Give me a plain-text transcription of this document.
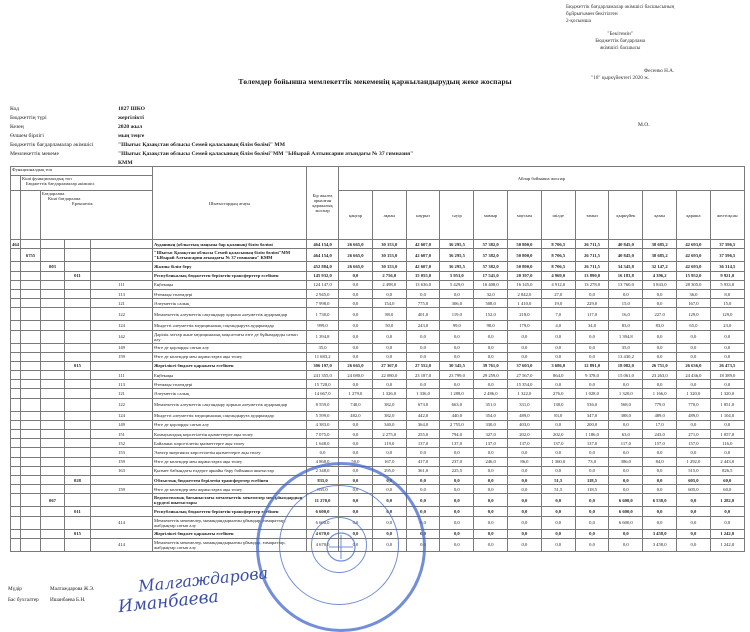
Бюджеттік бағдарламалар әкімшісі басшысының
бұйрығымен бекітілген
2-қосымша
"Бекітемін"
Бюджеттік бағдарлама
әкімшісі басшысы
Фесенко Н.А.
"18" қыркүйектегі 2020 ж.
Төлемдер бойынша мемлекеттік мекеменің қаржыландырудың жеке жоспары
Код	1827 ШКО
Бюджеттің түрі	жергілікті
Кезең	2020 жыл
Өлшем бірлігі	мың теңге
Бюджеттік бағдарламалар әкімшісі	"Шығыс Қазақстан облысы Семей қаласының білім бөлімі" ММ
Мемлекеттік мекеме	"Шығыс Қазақстан облысы Семей қаласының білім бөлімі"ММ "Ыбырай Алтынсарин атындағы № 37 гимназия" КММ
М.О.
Функционалдық топ					Шығыстардың атауы	Бір жылға арналған қаржылық жоспар	Айлар бойынша жоспар											

	Кіші функционалдық топ
Бюджеттік бағдарламалар әкімшісі																	

		Бағдарлама
Кіші бағдарлама
Ерекшелік					қаңтар	ақпан	наурыз	сәуір	мамыр	маусым	шілде	тамыз	қыркүйек	қазан	қараша	желтоқсан
464					Ауданның (облыстық маңызы бар қаланың) білім бөлімі	464 154,0	26 665,0	30 153,0	42 607,0	36 295,5	57 382,0	50 800,0	8 706,5	26 711,5	40 845,0	38 685,2	42 693,0	37 596,5
	6755				"Шығыс Қазақстан облысы Семей қаласының білім бөлімі"ММ "Ыбырай Алтынсарин атындағы № 37 гимназия" КММ	464 154,0	26 665,0	30 153,0	42 607,0	36 295,5	57 382,0	50 800,0	8 706,5	26 711,5	40 845,0	38 685,2	42 693,0	37 596,5
		003			Жалпы білім беру	452 884,0	26 665,0	30 153,0	42 607,0	36 295,5	57 382,0	50 800,0	8 706,5	26 711,5	34 345,8	32 147,2	42 693,0	36 314,5
			011		Республикалық бюджеттен берілетін трансферттер есебінен	145 932,0	0,0	2 756,0	15 055,0	5 953,0	17 541,0	20 397,0	4 969,0	13 890,0	16 183,8	4 396,2	15 952,0	9 921,0
				111	Еңбекақы	124 147,0	0,0	2 498,0	13 636,0	5 429,0	16 408,0	16 145,0	4 912,0	13 278,0	13 760,0	3 843,0	28 305,0	5 933,0
				113	Өтемақы төлемдері	2 945,0	0,0	0,0	0,0	0,0	32,0	2 842,0	27,0	0,0	0,0	0,0	36,0	8,0
				121	Әлеуметтік салық	7 998,0	0,0	154,0	775,0	306,0	508,0	1 410,0	19,0	229,0	15,0	0,0	167,0	15,0
				122	Мемлекеттік әлеуметтік сақтандыру қорына әлеуметтік аударымдар	1 730,0	0,0	88,0	401,0	119,0	152,0	218,0	7,0	117,0	16,0	227,0	129,0	129,0
				124	Міндетті әлеуметтік медициналық сақтандыруға аударымдар	999,0	0,0	50,0	243,0	99,0	98,0	179,0	4,0	34,0	83,0	83,0	65,0	23,0
				142	Дәрілік заттар және медициналық мақсаттағы өзге де бұйымдарды сатып алу	1 394,8	0,0	0,0	0,0	0,0	0,0	0,0	0,0	0,0	1 394,8	0,0	0,0	0,0
				149	Өзге де қорларды сатып алу	35,0	0,0	0,0	0,0	0,0	0,0	0,0	0,0	0,0	35,0	0,0	0,0	0,0
				159	Өзге де көлемдер мен жұмыстарға ақы төлеу	11 683,2	0,0	0,0	0,0	0,0	0,0	0,0	0,0	0,0	13 430,2	0,0	0,0	0,0
			015		Жергілікті бюджет қаражаты есебінен	306 197,0	26 665,0	27 367,0	27 552,0	30 345,5	39 761,0	37 603,0	3 686,0	12 891,0	18 082,0	26 751,0	26 636,0	26 473,5
				111	Еңбекақы	241 355,0	24 080,0	22 080,0	23 187,0	23 799,0	29 259,0	27 567,0	864,0	9 378,0	15 061,0	23 263,0	24 436,0	18 389,0
				113	Өтемақы төлемдері	15 728,0	0,0	0,0	0,0	0,0	0,0	15 354,0	0,0	0,0	0,0	0,0	0,0	0,0
				121	Әлеуметтік салық	14 667,0	1 279,0	1 326,0	1 336,0	1 288,0	2 486,0	1 322,0	276,0	1 028,0	1 320,0	1 166,0	1 320,0	1 320,0
				122	Мемлекеттік әлеуметтік сақтандыру қорына әлеуметтік аударымдар	8 559,0	740,0	382,0	673,0	663,0	351,0	331,0	138,0	536,0	568,0	779,0	770,0	1 851,0
				124	Міндетті әлеуметтік медициналық сақтандыруға аударымдар	5 599,0	482,0	382,0	442,0	440,0	354,0	489,0	83,0	347,0	388,0	489,0	489,0	1 104,0
				149	Өзге де қорларды сатып алу	4 383,0	0,0	340,0	364,0	2 755,0	330,0	403,0	0,0	200,0	0,0	17,0	0,0	0,0
				151	Коммуналдық көрсетілетін қызметтерге ақы төлеу	7 075,0	0,0	2 275,0	255,0	794,0	327,0	202,0	202,0	1 186,0	63,0	243,0	271,0	1 057,0
				152	Байланыс көрсетілетін қызметтерге ақы төлеу	1 648,0	0,0	119,0	137,0	137,0	137,0	137,0	137,0	137,0	117,0	157,0	157,0	116,0
				153	Электр энергиясы көрсетілетін қызметтерге ақы төлеу	0,0	0,0	0,0	0,0	0,0	0,0	0,0	0,0	0,0	0,0	0,0	0,0	0,0
				159	Өзге де көлемдер мен жұмыстарға ақы төлеу	4 868,0	50,0	167,0	417,0	237,0	246,0	86,0	1 360,0	73,0	386,0	84,0	1 292,0	2 443,0
				163	Қызмет бабындағы елдерге арнайы бару бойынша шығыстар	2 348,0	0,0	295,0	361,0	225,5	0,0	0,0	0,0	0,0	0,0	0,0	515,0	826,5
			028		Облыстық бюджеттен берілетін трансферттер есебінен	835,0	0,0	0,0	0,0	0,0	0,0	0,0	51,5	118,5	0,0	0,0	605,0	60,0
				159	Өзге де көлемдер мен жұмыстарға ақы төлеу	835,0	0,0	0,0	0,0	0,0	0,0	0,0	51,5	118,5	0,0	0,0	605,0	60,0
		067			Ведомстволық бағыныстағы мемлекеттік мекемелер мен ұйымдардың күрделі шығыстары	11 270,0	0,0	0,0	0,0	0,0	0,0	0,0	0,0	0,0	6 600,0	6 538,0	0,0	1 282,0
			011		Республикалық бюджеттен берілетін трансферттер есебінен	6 600,0	0,0	0,0	0,0	0,0	0,0	0,0	0,0	0,0	6 600,0	0,0	0,0	0,0
				414	Мемлекеттік мекемелер, мамандандырылған ұйымдар, ғимараттар, жабдықтар сатып алу	6 600,0	0,0	0,0	0,0	0,0	0,0	0,0	0,0	0,0	6 600,0	0,0	0,0	0,0
			015		Жергілікті бюджет қаражаты есебінен	4 670,0	0,0	0,0	0,0	0,0	0,0	0,0	0,0	0,0	0,0	3 458,0	0,0	1 242,0
				414	Мемлекеттік мекемелер, мамандандырылған ұйымдар, ғимараттар, жабдықтар сатып алу	4 670,0	0,0	0,0	0,0	0,0	0,0	0,0	0,0	0,0	0,0	3 458,0	0,0	1 242,0
Мүдір	Малгаждарова Ж.Э.
Бас бухгалтер	Ишанбаева Б.Н.
Малгаждарова
Иманбаева
